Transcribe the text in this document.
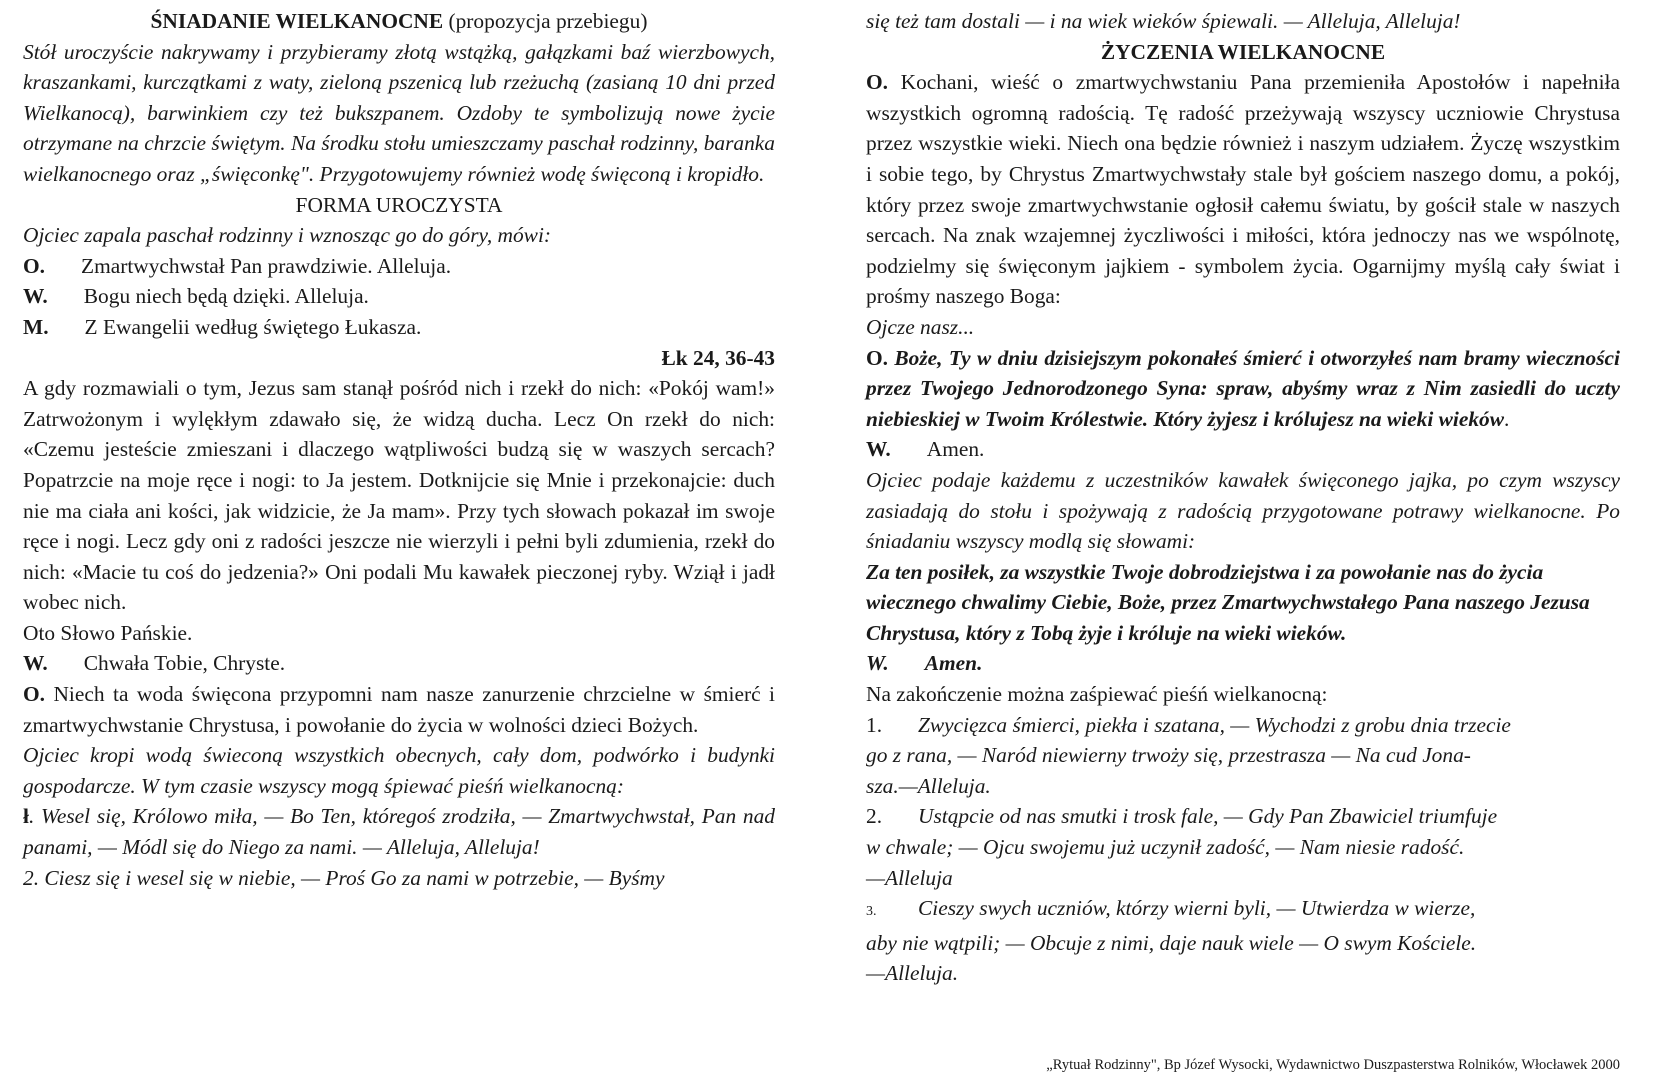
ŚNIADANIE WIELKANOCNE (propozycja przebiegu)

Stół uroczyście nakrywamy i przybieramy złotą wstążką, gałązkami baź wierzbowych, kraszankami, kurczątkami z waty, zieloną pszenicą lub rzeżuchą (zasianą 10 dni przed Wielkanocą), barwinkiem czy też bukszpanem. Ozdoby te symbolizują nowe życie otrzymane na chrzcie świętym. Na środku stołu umieszczamy paschał rodzinny, baranka wielkanocnego oraz „święconkę". Przygotowujemy również wodę święconą i kropidło.

FORMA UROCZYSTA

Ojciec zapala paschał rodzinny i wznosząc go do góry, mówi:

O. Zmartwychwstał Pan prawdziwie. Alleluja.

W. Bogu niech będą dzięki. Alleluja.

M. Z Ewangelii według świętego Łukasza.

Łk 24, 36-43

A gdy rozmawiali o tym, Jezus sam stanął pośród nich i rzekł do nich: «Pokój wam!» Zatrwożonym i wylękłym zdawało się, że widzą ducha. Lecz On rzekł do nich: «Czemu jesteście zmieszani i dlaczego wątpliwości budzą się w waszych sercach? Popatrzcie na moje ręce i nogi: to Ja jestem. Dotknijcie się Mnie i przekonajcie: duch nie ma ciała ani kości, jak widzicie, że Ja mam». Przy tych słowach pokazał im swoje ręce i nogi. Lecz gdy oni z radości jeszcze nie wierzyli i pełni byli zdumienia, rzekł do nich: «Macie tu coś do jedzenia?» Oni podali Mu kawałek pieczonej ryby. Wziął i jadł wobec nich.

Oto Słowo Pańskie.

W. Chwała Tobie, Chryste.

O. Niech ta woda święcona przypomni nam nasze zanurzenie chrzcielne w śmierć i zmartwychwstanie Chrystusa, i powołanie do życia w wolności dzieci Bożych.

Ojciec kropi wodą świeconą wszystkich obecnych, cały dom, podwórko i budynki gospodarcze. W tym czasie wszyscy mogą śpiewać pieśń wielkanocną:

ł. Wesel się, Królowo miła, — Bo Ten, któregoś zrodziła, — Zmartwychwstał, Pan nad panami, — Módl się do Niego za nami. — Alleluja, Alleluja!

2. Ciesz się i wesel się w niebie, — Proś Go za nami w potrzebie, — Byśmy

się też tam dostali — i na wiek wieków śpiewali. — Alleluja, Alleluja!

ŻYCZENIA WIELKANOCNE

O. Kochani, wieść o zmartwychwstaniu Pana przemieniła Apostołów i napełniła wszystkich ogromną radością. Tę radość przeżywają wszyscy uczniowie Chrystusa przez wszystkie wieki. Niech ona będzie również i naszym udziałem. Życzę wszystkim i sobie tego, by Chrystus Zmartwychwstały stale był gościem naszego domu, a pokój, który przez swoje zmartwychwstanie ogłosił całemu światu, by gościł stale w naszych sercach. Na znak wzajemnej życzliwości i miłości, która jednoczy nas we wspólnotę, podzielmy się święconym jajkiem - symbolem życia. Ogarnijmy myślą cały świat i prośmy naszego Boga:

Ojcze nasz...

O. Boże, Ty w dniu dzisiejszym pokonałeś śmierć i otworzyłeś nam bramy wieczności przez Twojego Jednorodzonego Syna: spraw, abyśmy wraz z Nim zasiedli do uczty niebieskiej w Twoim Królestwie. Który żyjesz i królujesz na wieki wieków.

W. Amen.

Ojciec podaje każdemu z uczestników kawałek święconego jajka, po czym wszyscy zasiadają do stołu i spożywają z radością przygotowane potrawy wielkanocne. Po śniadaniu wszyscy modlą się słowami:

Za ten posiłek, za wszystkie Twoje dobrodziejstwa i za powołanie nas do życia wiecznego chwalimy Ciebie, Boże, przez Zmartwychwstałego Pana naszego Jezusa Chrystusa, który z Tobą żyje i króluje na wieki wieków.

W. Amen.

Na zakończenie można zaśpiewać pieśń wielkanocną:

1. Zwycięzca śmierci, piekła i szatana, — Wychodzi z grobu dnia trzecie

go z rana, — Naród niewierny trwoży się, przestrasza — Na cud Jona-

sza.—Alleluja.

2. Ustąpcie od nas smutki i trosk fale, — Gdy Pan Zbawiciel triumfuje

w chwale; — Ojcu swojemu już uczynił zadość, — Nam niesie radość.

—Alleluja

3. Cieszy swych uczniów, którzy wierni byli, — Utwierdza w wierze,

aby nie wątpili; — Obcuje z nimi, daje nauk wiele — O swym Kościele.

—Alleluja.

„Rytuał Rodzinny", Bp Józef Wysocki, Wydawnictwo Duszpasterstwa Rolników, Włocławek 2000
